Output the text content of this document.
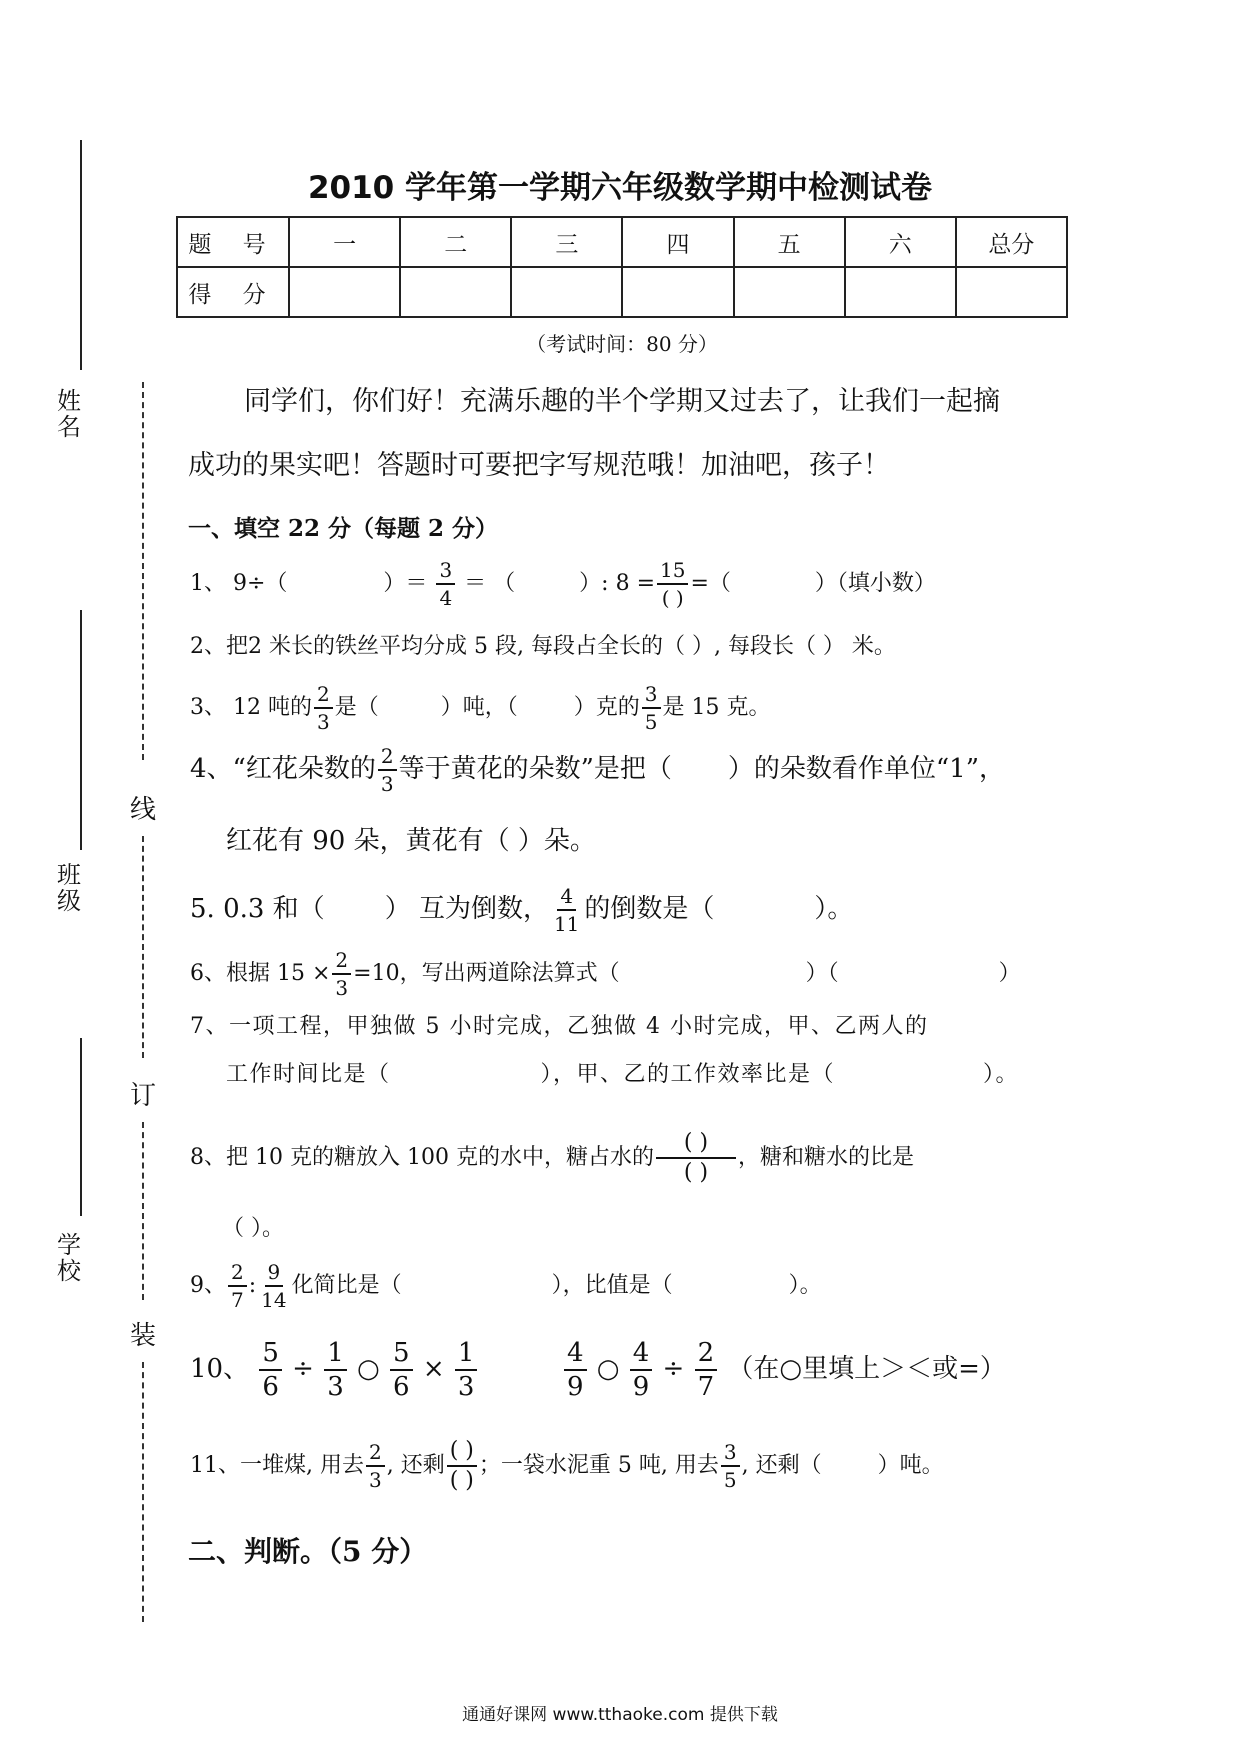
姓名
班级
学校
线
订
装
2010 学年第一学期六年级数学期中检测试卷
题 号	一	二	三	四	五	六	总分
得 分							
（考试时间：80 分）
同学们，你们好！充满乐趣的半个学期又过去了，让我们一起摘
成功的果实吧！答题时可要把字写规范哦！加油吧，孩子！
一、填空 22 分（每题 2 分）
1、 9÷（	）＝ $\frac{3}{4}$ ＝ （	）: $8 = \frac{15}{( )}$ =（	）（填小数）
2、把2 米长的铁丝平均分成 5 段, 每段占全长的（ ）, 每段长（ ） 米。
3、 12 吨的 $\frac{2}{3}$ 是（	）吨，（	）克的 $\frac{3}{5}$ 是 15 克。
4、“红花朵数的 $\frac{2}{3}$ 等于黄花的朵数”是把（ ）的朵数看作单位“1”，
红花有 90 朵，黄花有（ ）朵。
5. 0.3 和（ ） 互为倒数， $\frac{4}{11}$ 的倒数是（	）。
6、根据 $15 \times \frac{2}{3} =10$，写出两道除法算式（	）（	）
7、一项工程，甲独做 5 小时完成，乙独做 4 小时完成，甲、乙两人的
工作时间比是（	），甲、乙的工作效率比是（	）。
8、把 10 克的糖放入 100 克的水中，糖占水的 $\frac{( )}{( )}$ ，糖和糖水的比是
（ ）。
9、 $\frac{2}{7}$ : $\frac{9}{14}$ 化简比是（	），比值是（	）。
10、 $\frac{5}{6} \div \frac{1}{3}$ ○ $\frac{5}{6} \times \frac{1}{3}$
	$\frac{4}{9}$ ○ $\frac{4}{9} \div \frac{2}{7}$ （在○里填上＞＜或=）
11、一堆煤, 用去 $\frac{2}{3}$ , 还剩 $\frac{( )}{( )}$ ；一袋水泥重 5 吨, 用去 $\frac{3}{5}$ , 还剩（	）吨。
二、判断。（5 分）
通通好课网 www.tthaoke.com 提供下载
